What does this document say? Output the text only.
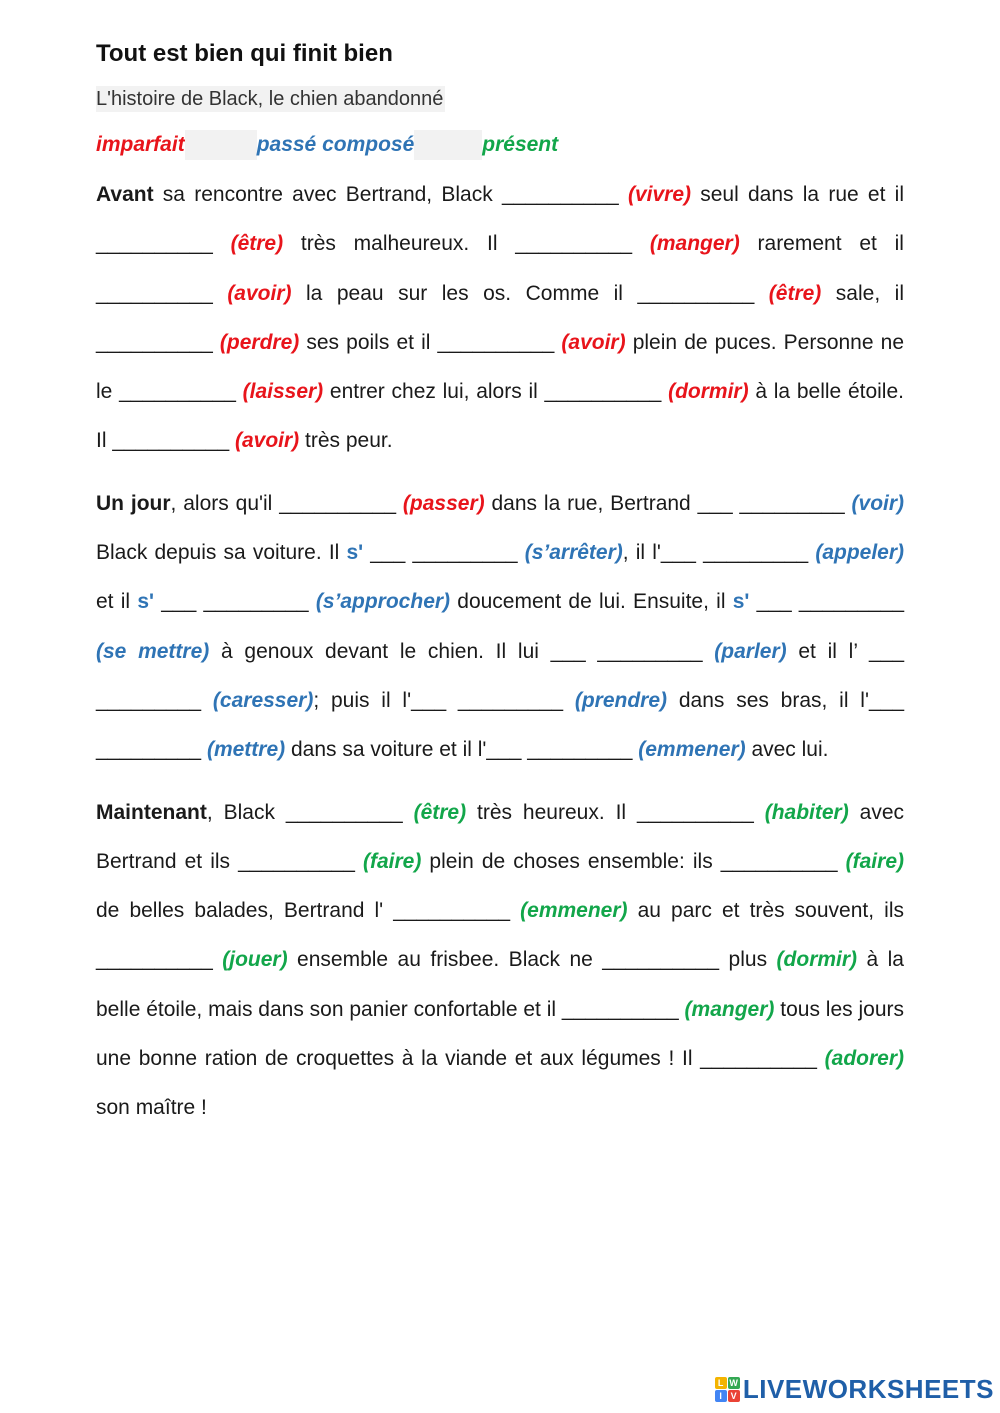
Tout est bien qui finit bien
L'histoire de Black, le chien abandonné
imparfait	passé composé	présent

Avant sa rencontre avec Bertrand, Black __________ (vivre) seul dans la rue et il __________ (être) très malheureux. Il __________ (manger) rarement et il __________ (avoir) la peau sur les os. Comme il __________ (être) sale, il __________ (perdre) ses poils et il __________ (avoir) plein de puces. Personne ne le __________ (laisser) entrer chez lui, alors il __________ (dormir) à la belle étoile. Il __________ (avoir) très peur.

Un jour, alors qu'il __________ (passer) dans la rue, Bertrand ___ _________ (voir) Black depuis sa voiture. Il s' ___ _________ (s’arrêter), il l'___ _________ (appeler) et il s' ___ _________ (s’approcher) doucement de lui. Ensuite, il s' ___ _________ (se mettre) à genoux devant le chien. Il lui ___ _________ (parler) et il l’ ___ _________ (caresser); puis il l'___ _________ (prendre) dans ses bras, il l'___ _________ (mettre) dans sa voiture et il l'___ _________ (emmener) avec lui.

Maintenant, Black __________ (être) très heureux. Il __________ (habiter) avec Bertrand et ils __________ (faire) plein de choses ensemble: ils __________ (faire) de belles balades, Bertrand l' __________ (emmener) au parc et très souvent, ils __________ (jouer) ensemble au frisbee. Black ne __________ plus (dormir) à la belle étoile, mais dans son panier confortable et il __________ (manger) tous les jours une bonne ration de croquettes à la viande et aux légumes ! Il __________ (adorer) son maître !

L W
I V LIVEWORKSHEETS
